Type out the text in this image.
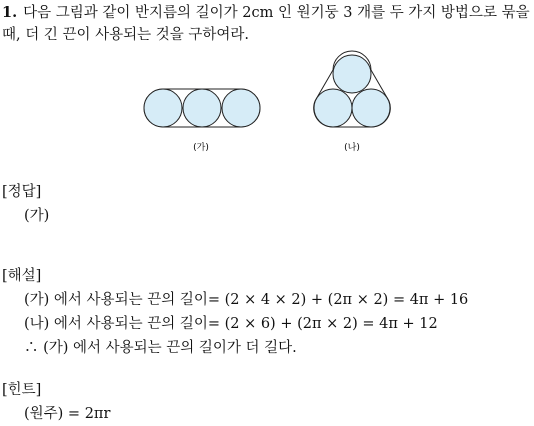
1. 다음 그림과 같이 반지름의 길이가 2cm 인 원기둥 3 개를 두 가지 방법으로 묶을 때, 더 긴 끈이 사용되는 것을 구하여라.
(가)	(나)
[정답]
(가)
[해설]
(가) 에서 사용되는 끈의 길이= (2 × 4 × 2) + (2π × 2) = 4π + 16
(나) 에서 사용되는 끈의 길이= (2 × 6) + (2π × 2) = 4π + 12
∴ (가) 에서 사용되는 끈의 길이가 더 길다.
[힌트]
(원주) = 2πr
